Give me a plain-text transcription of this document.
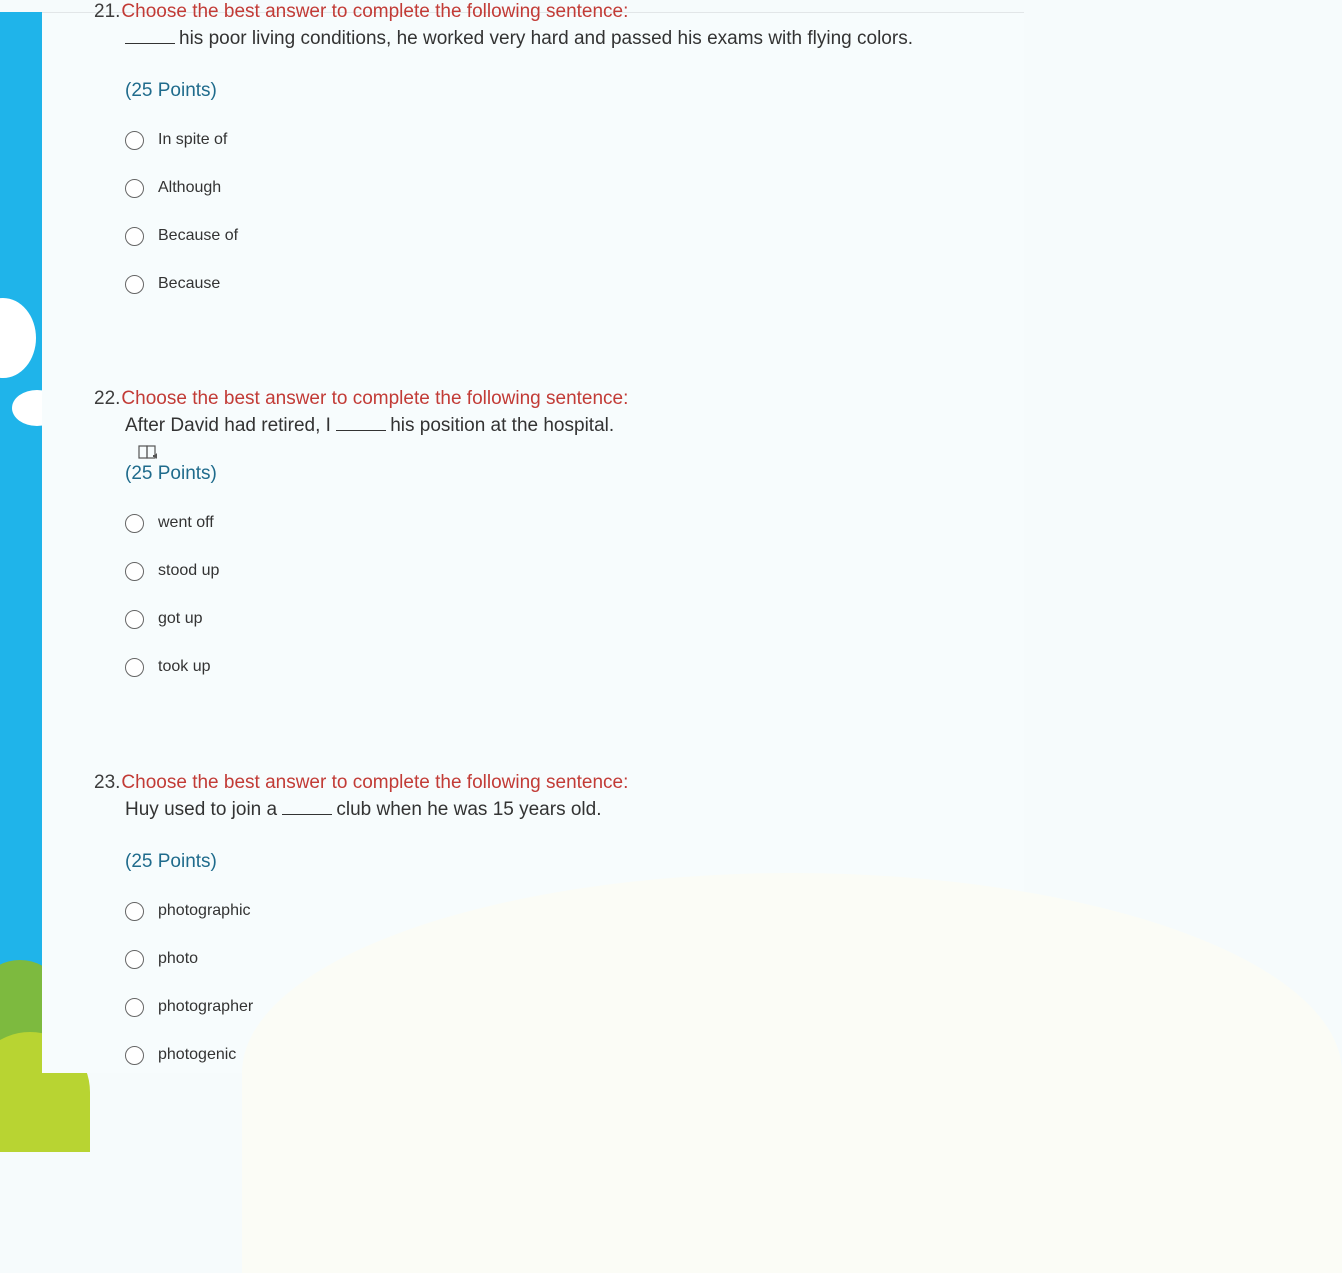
21.Choose the best answer to complete the following sentence:
his poor living conditions, he worked very hard and passed his exams with flying colors.
(25 Points)
In spite of
Although
Because of
Because
22.Choose the best answer to complete the following sentence:
After David had retired, I	his position at the hospital.
(25 Points)
went off
stood up
got up
took up
23.Choose the best answer to complete the following sentence:
Huy used to join a	club when he was 15 years old.
(25 Points)
photographic
photo
photographer
photogenic
